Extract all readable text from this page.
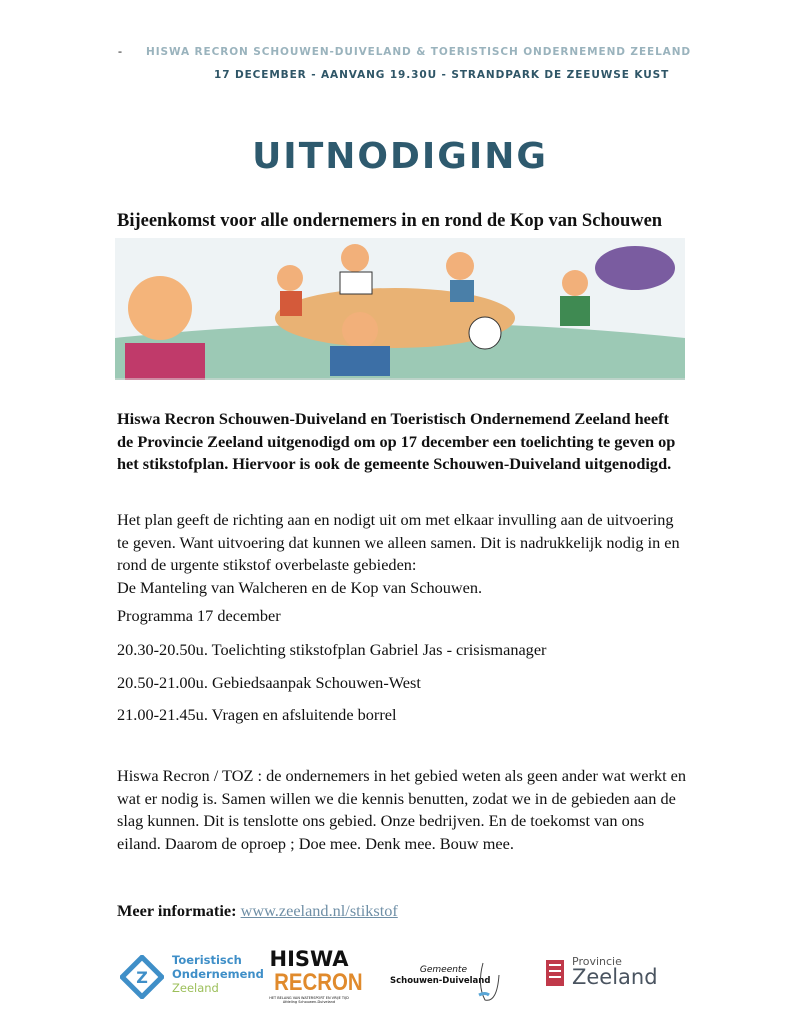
- HISWA RECRON SCHOUWEN-DUIVELAND & TOERISTISCH ONDERNEMEND ZEELAND
17 DECEMBER - AANVANG 19.30U - STRANDPARK DE ZEEUWSE KUST
UITNODIGING
Bijeenkomst voor alle ondernemers in en rond de Kop van Schouwen

Hiswa Recron Schouwen-Duiveland en Toeristisch Ondernemend Zeeland heeft de Provincie Zeeland uitgenodigd om op 17 december een toelichting te geven op het stikstofplan. Hiervoor is ook de gemeente Schouwen-Duiveland uitgenodigd.

Het plan geeft de richting aan en nodigt uit om met elkaar invulling aan de uitvoering te geven. Want uitvoering dat kunnen we alleen samen. Dit is nadrukkelijk nodig in en rond de urgente stikstof overbelaste gebieden:
De Manteling van Walcheren en de Kop van Schouwen.
Programma 17 december
20.30-20.50u. Toelichting stikstofplan Gabriel Jas - crisismanager
20.50-21.00u. Gebiedsaanpak Schouwen-West
21.00-21.45u. Vragen en afsluitende borrel

Hiswa Recron / TOZ : de ondernemers in het gebied weten als geen ander wat werkt en wat er nodig is. Samen willen we die kennis benutten, zodat we in de gebieden aan de slag kunnen. Dit is tenslotte ons gebied. Onze bedrijven. En de toekomst van ons eiland. Daarom de oproep ; Doe mee. Denk mee. Bouw mee.

Meer informatie: www.zeeland.nl/stikstof
Z
Toeristisch
Ondernemend
Zeeland
HISWA
RECRON
HET BELANG VAN WATERSPORT EN VRIJE TIJD
Afdeling Schouwen-Duiveland
Gemeente
Schouwen-Duiveland
Provincie
Zeeland
